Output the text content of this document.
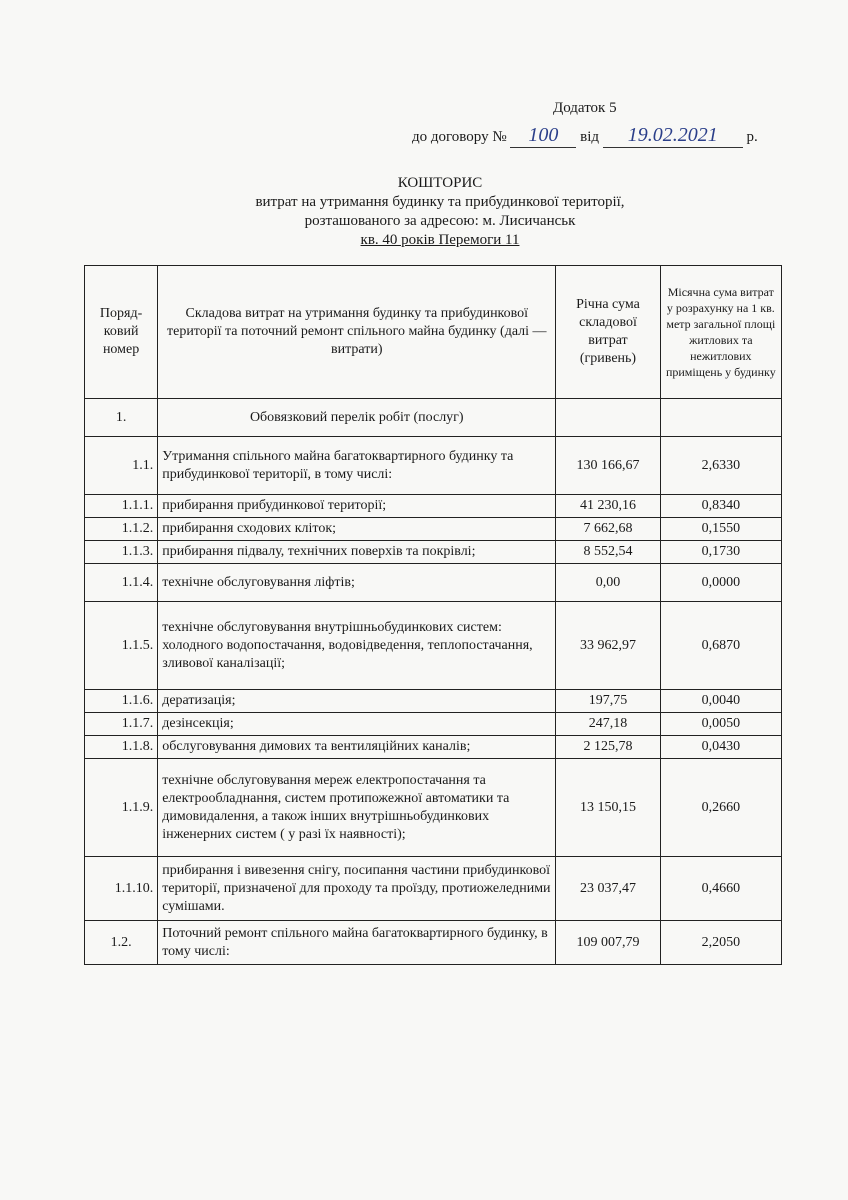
Додаток 5
до договору № 100 від 19.02.2021 р.
КОШТОРИС
витрат на утримання будинку та прибудинкової території,
розташованого за адресою: м. Лисичанськ
кв. 40 років Перемоги 11
Поряд-ковий номер	Складова витрат на утримання будинку та прибудинкової території та поточний ремонт спільного майна будинку (далі — витрати)	Річна сума складової витрат (гривень)	Місячна сума витрат у розрахунку на 1 кв. метр загальної площі житлових та нежитлових приміщень у будинку
1.	Обовязковий перелік робіт (послуг)		
1.1.	Утримання спільного майна багатоквартирного будинку та прибудинкової території, в тому числі:	130 166,67	2,6330
1.1.1.	прибирання прибудинкової території;	41 230,16	0,8340
1.1.2.	прибирання сходових кліток;	7 662,68	0,1550
1.1.3.	прибирання підвалу, технічних поверхів та покрівлі;	8 552,54	0,1730
1.1.4.	технічне обслуговування ліфтів;	0,00	0,0000
1.1.5.	технічне обслуговування внутрішньобудинкових систем: холодного водопостачання, водовідведення, теплопостачання, зливової каналізації;	33 962,97	0,6870
1.1.6.	дератизація;	197,75	0,0040
1.1.7.	дезінсекція;	247,18	0,0050
1.1.8.	обслуговування димових та вентиляційних каналів;	2 125,78	0,0430
1.1.9.	технічне обслуговування мереж електропостачання та електрообладнання, систем протипожежної автоматики та димовидалення, а також інших внутрішньобудинкових інженерних систем ( у разі їх наявності);	13 150,15	0,2660
1.1.10.	прибирання і вивезення снігу, посипання частини прибудинкової території, призначеної для проходу та проїзду, протиожеледними сумішами.	23 037,47	0,4660
1.2.	Поточний ремонт спільного майна багатоквартирного будинку, в тому числі:	109 007,79	2,2050
